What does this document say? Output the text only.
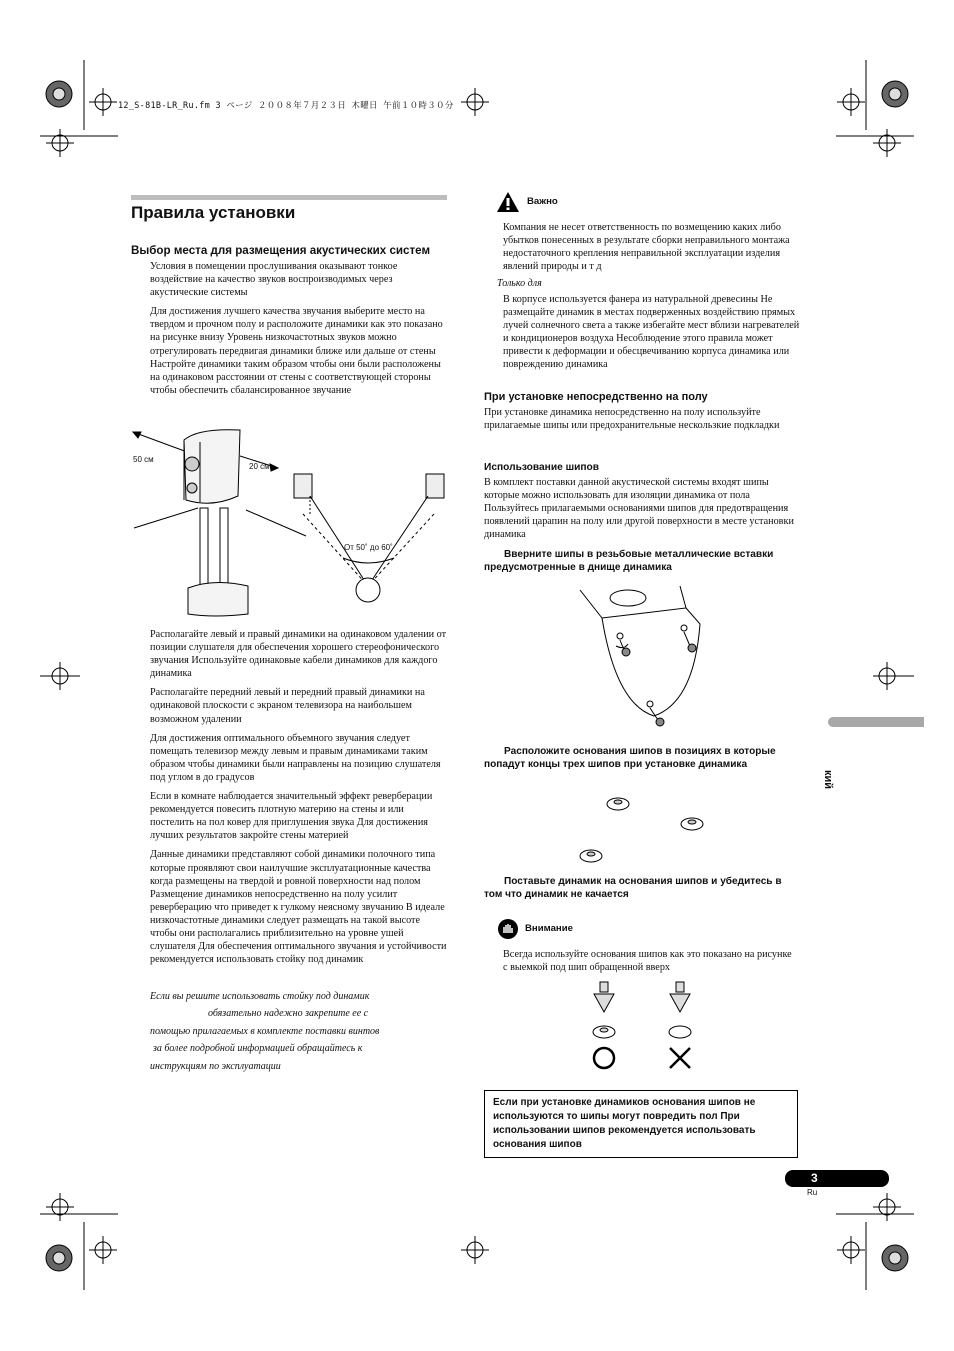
12_S-81B-LR_Ru.fm 3 ページ ２００８年７月２３日 木曜日 午前１０時３０分
Правила установки
Выбор места для размещения акустических систем

Условия в помещении прослушивания оказывают тонкое воздействие на качество звуков воспроизводимых через акустические системы

Для достижения лучшего качества звучания выберите место на твердом и прочном полу и расположите динамики как это показано на рисунке внизу Уровень низкочастотных звуков можно отрегулировать передвигая динамики ближе или дальше от стены Настройте динамики таким образом чтобы они были расположены на одинаковом расстоянии от стены с соответствующей стороны чтобы обеспечить сбалансированное звучание

50 см
20 см
От 50˚ до 60˚

Располагайте левый и правый динамики на одинаковом удалении от позиции слушателя для обеспечения хорошего стереофонического звучания Используйте одинаковые кабели динамиков для каждого динамика

Располагайте передний левый и передний правый динамики на одинаковой плоскости с экраном телевизора на наибольшем возможном удалении

Для достижения оптимального объемного звучания следует помещать телевизор между левым и правым динамиками таким образом чтобы динамики были направлены на позицию слушателя под углом в до градусов

Если в комнате наблюдается значительный эффект реверберации рекомендуется повесить плотную материю на стены и или постелить на пол ковер для приглушения звука Для достижения лучших результатов закройте стены материей

Данные динамики представляют собой динамики полочного типа которые проявляют свои наилучшие эксплуатационные качества когда размещены на твердой и ровной поверхности над полом Размещение динамиков непосредственно на полу усилит реверберацию что приведет к гулкому неясному звучанию В идеале низкочастотные динамики следует размещать на такой высоте чтобы они располагались приблизительно на уровне ушей слушателя Для обеспечения оптимального звучания и устойчивости рекомендуется использовать стойку под динамик

Если вы решите использовать стойку под динамик
обязательно надежно закрепите ее с
помощью прилагаемых в комплекте поставки винтов
за более подробной информацией обращайтесь к
инструкциям по эксплуатации
Важно

Компания не несет ответственность по возмещению каких либо убытков понесенных в результате сборки неправильного монтажа недостаточного крепления неправильной эксплуатации изделия явлений природы и т д

Только для

В корпусе используется фанера из натуральной древесины Не размещайте динамик в местах подверженных воздействию прямых лучей солнечного света а также избегайте мест вблизи нагревателей и кондиционеров воздуха Несоблюдение этого правила может привести к деформации и обесцвечиванию корпуса динамика или повреждению динамика

При установке непосредственно на полу

При установке динамика непосредственно на полу используйте прилагаемые шипы или предохранительные нескользкие подкладки

Использование шипов

В комплект поставки данной акустической системы входят шипы которые можно использовать для изоляции динамика от пола Пользуйтесь прилагаемыми основаниями шипов для предотвращения появлений царапин на полу или другой поверхности в месте установки динамика

Вверните шипы в резьбовые металлические вставки предусмотренные в днище динамика
Расположите основания шипов в позициях в которые попадут концы трех шипов при установке динамика
Поставьте динамик на основания шипов и убедитесь в том что динамик не качается
Внимание

Всегда используйте основания шипов как это показано на рисунке с выемкой под шип обращенной вверх

Если при установке динамиков основания шипов не используются то шипы могут повредить пол При использовании шипов рекомендуется использовать основания шипов
кий
3
Ru
